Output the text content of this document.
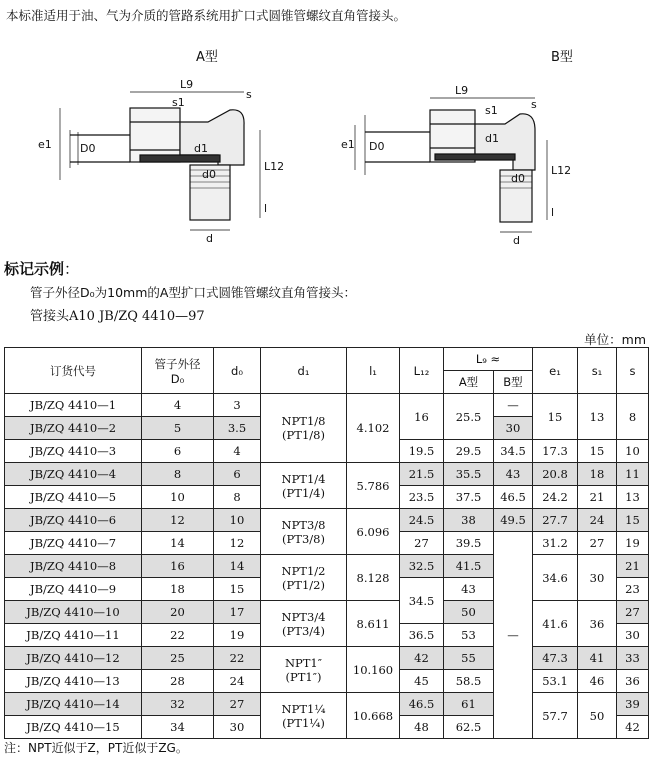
本标准适用于油、气为介质的管路系统用扩口式圆锥管螺纹直角管接头。
A型	B型
L9
s1
s
e1	D0
d0
d1
L12
l
d
L9
s1	s
e1 D0
d0
d1
L12
l
d
标记示例：
管子外径D₀为10mm的A型扩口式圆锥管螺纹直角管接头：
管接头A10 JB/ZQ 4410—97
单位：mm
订货代号	管子外径
D₀	d₀	d₁	l₁	L₁₂	L₉ ≈		e₁	s₁	s
						A型	B型			
JB/ZQ 4410—1	4	3	NPT1/8
(PT1/8)	4.102	16	25.5	—	15	13	8
JB/ZQ 4410—2	5	3.5					30			
JB/ZQ 4410—3	6	4			19.5	29.5	34.5	17.3	15	10
JB/ZQ 4410—4	8	6	NPT1/4
(PT1/4)	5.786	21.5	35.5	43	20.8	18	11
JB/ZQ 4410—5	10	8			23.5	37.5	46.5	24.2	21	13
JB/ZQ 4410—6	12	10	NPT3/8
(PT3/8)	6.096	24.5	38	49.5	27.7	24	15
JB/ZQ 4410—7	14	12			27	39.5	—	31.2	27	19
JB/ZQ 4410—8	16	14	NPT1/2
(PT1/2)	8.128	32.5	41.5		34.6	30	21
JB/ZQ 4410—9	18	15			34.5	43				23
JB/ZQ 4410—10	20	17	NPT3/4
(PT3/4)	8.611		50		41.6	36	27
JB/ZQ 4410—11	22	19			36.5	53				30
JB/ZQ 4410—12	25	22	NPT1″
(PT1″)	10.160	42	55		47.3	41	33
JB/ZQ 4410—13	28	24			45	58.5		53.1	46	36
JB/ZQ 4410—14	32	27	NPT1¼
(PT1¼)	10.668	46.5	61		57.7	50	39
JB/ZQ 4410—15	34	30			48	62.5				42
注：NPT近似于Z，PT近似于ZG。
